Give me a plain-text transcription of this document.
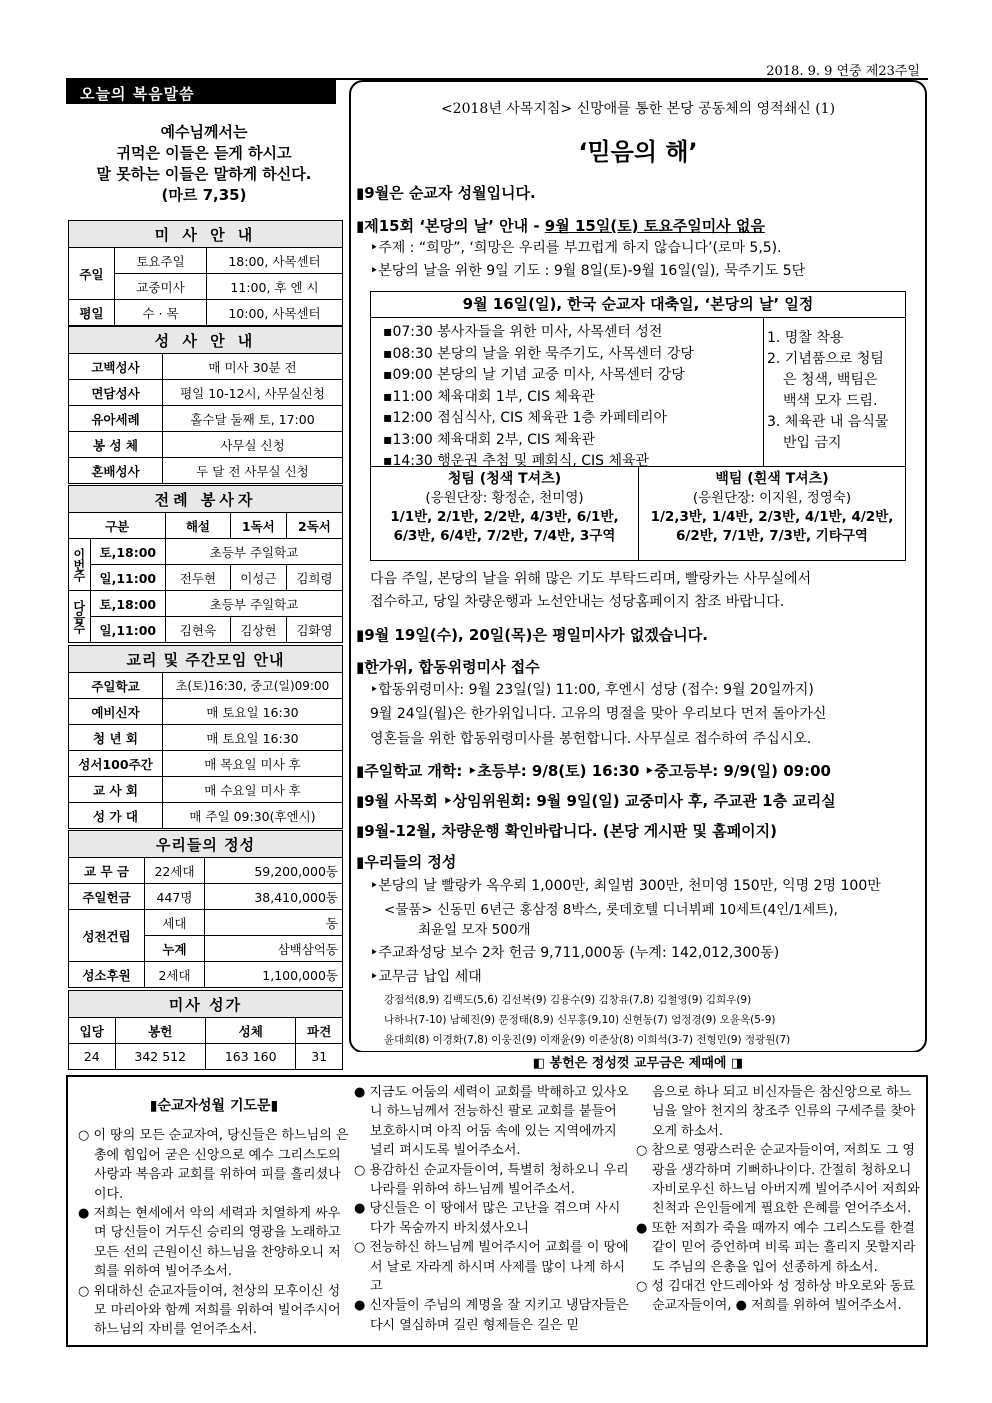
2018. 9. 9 연중 제23주일
오늘의 복음말씀
예수님께서는
귀먹은 이들은 듣게 하시고
말 못하는 이들은 말하게 하신다.
(마르 7,35)
미 사 안 내		
주일	토요주일	18:00, 사목센터
	교중미사	11:00, 후 엔 시
평일	수 · 목	10:00, 사목센터
성 사 안 내	
고백성사	매 미사 30분 전
면담성사	평일 10-12시, 사무실신청
유아세례	홀수달 둘째 토, 17:00
봉 성 체	사무실 신청
혼배성사	두 달 전 사무실 신청
전례 봉사자				
구분		해설	1독서	2독서
이번주	토,18:00	초등부 주일학교		
	일,11:00	전두현	이성근	김희령
다음주	토,18:00	초등부 주일학교		
	일,11:00	김현욱	김상현	김화영
교리 및 주간모임 안내	
주일학교	초(토)16:30, 중고(일)09:00
예비신자	매 토요일 16:30
청 년 회	매 토요일 16:30
성서100주간	매 목요일 미사 후
교 사 회	매 수요일 미사 후
성 가 대	매 주일 09:30(후엔시)
우리들의 정성		
교 무 금	22세대	59,200,000동
주일헌금	447명	38,410,000동
성전건립	세대	동
	누계	삼백삼억동
성소후원	2세대	1,100,000동
미사 성가			
입당	봉헌	성체	파견
24	342 512	163 160	31
<2018년 사목지침> 신망애를 통한 본당 공동체의 영적쇄신 (1)
‘믿음의 해’
▮9월은 순교자 성월입니다.
▮제15회 ‘본당의 날’ 안내 - 9월 15일(토) 토요주일미사 없음
‣주제 : “희망”, ‘희망은 우리를 부끄럽게 하지 않습니다’(로마 5,5).
‣본당의 날을 위한 9일 기도 : 9월 8일(토)-9월 16일(일), 묵주기도 5단
9월 16일(일), 한국 순교자 대축일, ‘본당의 날’ 일정
▪07:30 봉사자들을 위한 미사, 사목센터 성전
▪08:30 본당의 날을 위한 묵주기도, 사목센터 강당
▪09:00 본당의 날 기념 교중 미사, 사목센터 강당
▪11:00 체육대회 1부, CIS 체육관
▪12:00 점심식사, CIS 체육관 1층 카페테리아
▪13:00 체육대회 2부, CIS 체육관
▪14:30 행운권 추첨 및 폐회식, CIS 체육관
1. 명찰 착용
2. 기념품으로 청팀
은 청색, 백팀은
백색 모자 드림.
3. 체육관 내 음식물
반입 금지
청팀 (청색 T셔츠)
(응원단장: 황정순, 천미영)
1/1반, 2/1반, 2/2반, 4/3반, 6/1반,
6/3반, 6/4반, 7/2반, 7/4반, 3구역
백팀 (흰색 T셔츠)
(응원단장: 이지원, 정영숙)
1/2,3반, 1/4반, 2/3반, 4/1반, 4/2반,
6/2반, 7/1반, 7/3반, 기타구역
다음 주일, 본당의 날을 위해 많은 기도 부탁드리며, 빨랑카는 사무실에서
접수하고, 당일 차량운행과 노선안내는 성당홈페이지 참조 바랍니다.
▮9월 19일(수), 20일(목)은 평일미사가 없겠습니다.
▮한가위, 합동위령미사 접수
‣합동위령미사: 9월 23일(일) 11:00, 후엔시 성당 (접수: 9월 20일까지)
9월 24일(월)은 한가위입니다. 고유의 명절을 맞아 우리보다 먼저 돌아가신
영혼들을 위한 합동위령미사를 봉헌합니다. 사무실로 접수하여 주십시오.
▮주일학교 개학: ‣초등부: 9/8(토) 16:30 ‣중고등부: 9/9(일) 09:00
▮9월 사목회 ‣상임위원회: 9월 9일(일) 교중미사 후, 주교관 1층 교리실
▮9월-12월, 차량운행 확인바랍니다. (본당 게시판 및 홈페이지)
▮우리들의 정성
‣본당의 날 빨랑카 옥우뢰 1,000만, 최일범 300만, 천미영 150만, 익명 2명 100만
<물품> 신동민 6년근 홍삼정 8박스, 롯데호텔 디너뷔페 10세트(4인/1세트),
최윤일 모자 500개
‣주교좌성당 보수 2차 헌금 9,711,000동 (누계: 142,012,300동)
‣교무금 납입 세대
강점석(8,9) 김백도(5,6) 김선복(9) 김용수(9) 김창유(7,8) 김철영(9) 김희우(9)
나하나(7-10) 남혜진(9) 문정태(8,9) 신무홍(9,10) 신현동(7) 엄정경(9) 오윤옥(5-9)
윤대희(8) 이경화(7,8) 이웅진(9) 이재윤(9) 이준상(8) 이희석(3-7) 전형민(9) 정광원(7)
◧ 봉헌은 정성껏 교무금은 제때에 ◨
▮순교자성월 기도문▮
○ 이 땅의 모든 순교자여, 당신들은 하느님의 은총에 힘입어 굳은 신앙으로 예수 그리스도의 사랑과 복음과 교회를 위하여 피를 흘리셨나이다.
● 저희는 현세에서 악의 세력과 치열하게 싸우며 당신들이 거두신 승리의 영광을 노래하고 모든 선의 근원이신 하느님을 찬양하오니 저희를 위하여 빌어주소서.
○ 위대하신 순교자들이여, 천상의 모후이신 성모 마리아와 함께 저희를 위하여 빌어주시어 하느님의 자비를 얻어주소서.
● 지금도 어둠의 세력이 교회를 박해하고 있사오니 하느님께서 전능하신 팔로 교회를 붙들어 보호하시며 아직 어둠 속에 있는 지역에까지 널리 펴시도록 빌어주소서.
○ 용감하신 순교자들이여, 특별히 청하오니 우리나라를 위하여 하느님께 빌어주소서.
● 당신들은 이 땅에서 많은 고난을 겪으며 사시다가 목숨까지 바치셨사오니
○ 전능하신 하느님께 빌어주시어 교회를 이 땅에서 날로 자라게 하시며 사제를 많이 나게 하시고
● 신자들이 주님의 계명을 잘 지키고 냉담자들은 다시 열심하며 길린 형제들은 길은 믿
음으로 하나 되고 비신자들은 참신앙으로 하느님을 알아 천지의 창조주 인류의 구세주를 찾아오게 하소서.
○ 참으로 영광스러운 순교자들이여, 저희도 그 영광을 생각하며 기뻐하나이다. 간절히 청하오니 자비로우신 하느님 아버지께 빌어주시어 저희와 친척과 은인들에게 필요한 은혜를 얻어주소서.
● 또한 저희가 죽을 때까지 예수 그리스도를 한결같이 믿어 증언하며 비록 피는 흘리지 못할지라도 주님의 은총을 입어 선종하게 하소서.
○ 성 김대건 안드레아와 성 정하상 바오로와 동료 순교자들이여, ● 저희를 위하여 빌어주소서.
